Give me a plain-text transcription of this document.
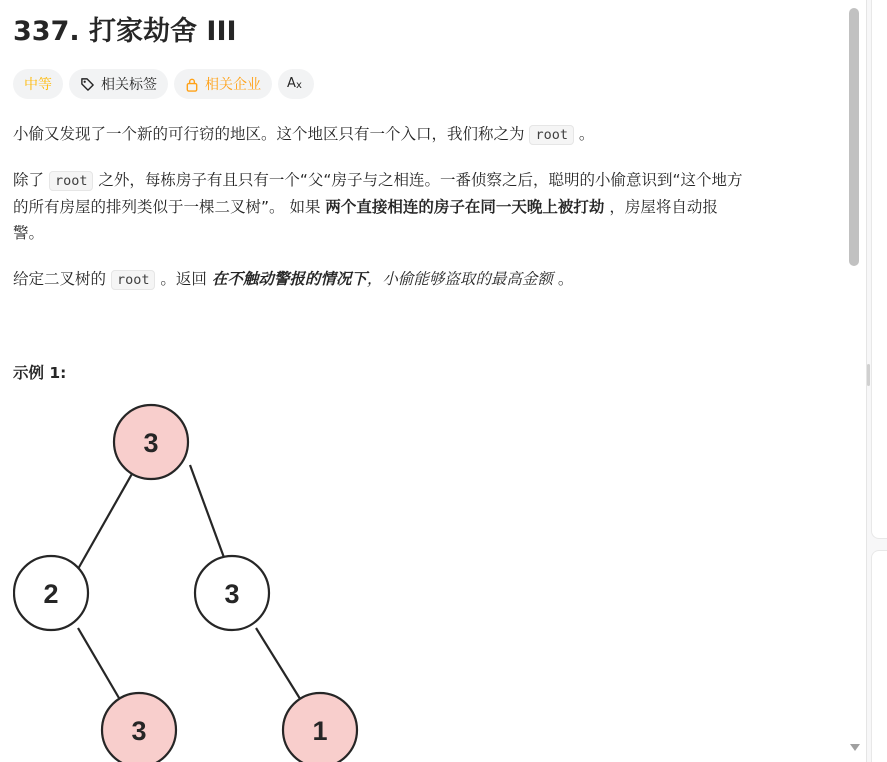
337. 打家劫舍 III
中等	相关标签	相关企业 A x
小偷又发现了一个新的可行窃的地区。这个地区只有一个入口，我们称之为 root 。
除了 root 之外，每栋房子有且只有一个“父“房子与之相连。一番侦察之后，聪明的小偷意识到“这个地方
的所有房屋的排列类似于一棵二叉树”。 如果 两个直接相连的房子在同一天晚上被打劫 ，房屋将自动报
警。
给定二叉树的 root 。返回 在不触动警报的情况下，小偷能够盗取的最高金额 。
示例 1:
3
2	3
3	1
